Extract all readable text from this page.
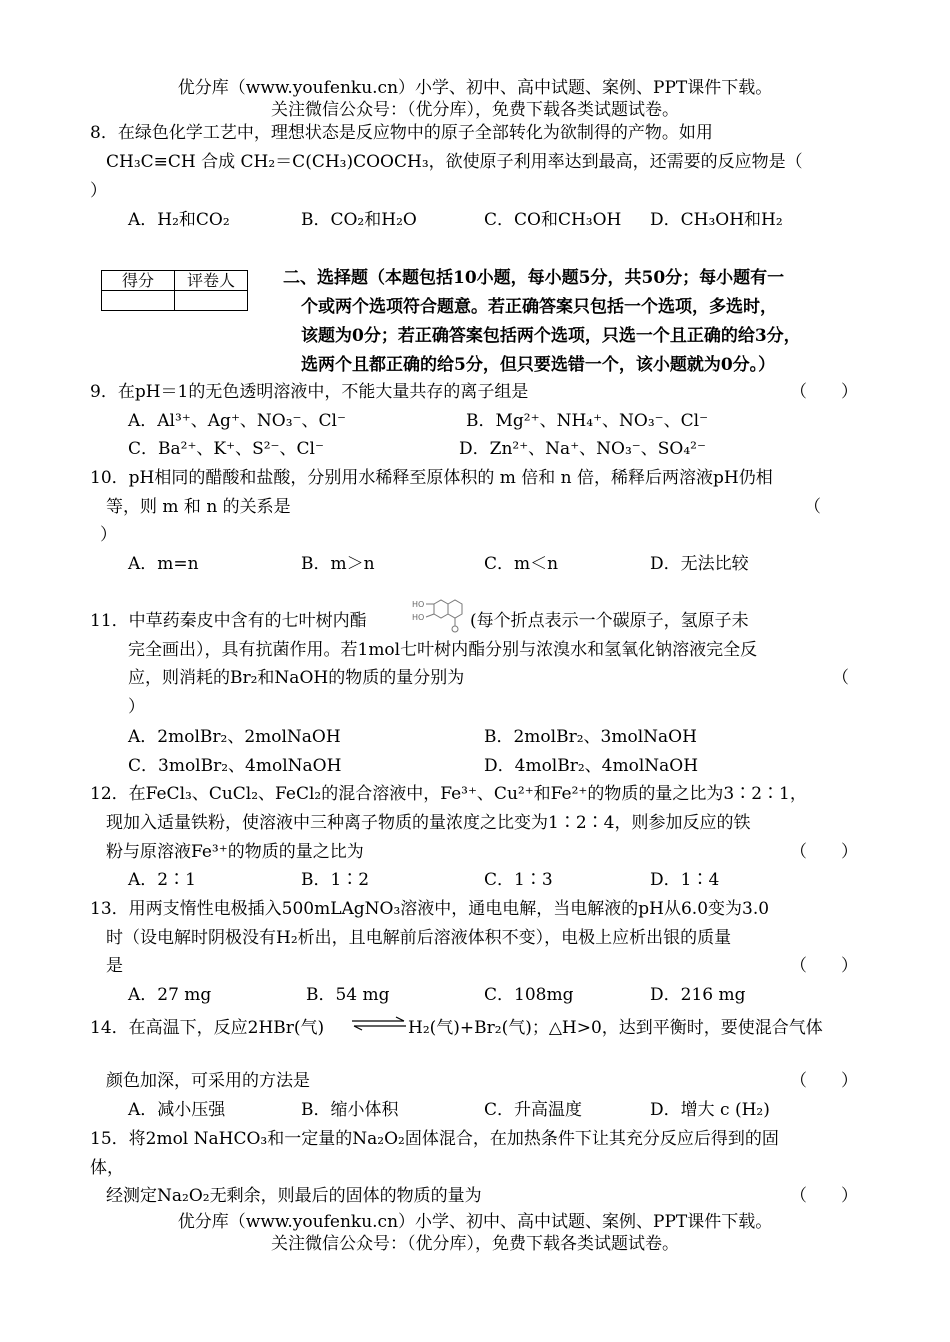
优分库（www.youfenku.cn）小学、初中、高中试题、案例、PPT课件下载。
关注微信公众号：（优分库），免费下载各类试题试卷。
8．在绿色化学工艺中，理想状态是反应物中的原子全部转化为欲制得的产物。如用
CH₃C≡CH 合成 CH₂＝C(CH₃)COOCH₃，欲使原子利用率达到最高，还需要的反应物是（
）
A．H₂和CO₂	B．CO₂和H₂O	C．CO和CH₃OH D．CH₃OH和H₂
得分	评卷人
		二、选择题（本题包括10小题，每小题5分，共50分；每小题有一
个或两个选项符合题意。若正确答案只包括一个选项，多选时，
该题为0分；若正确答案包括两个选项，只选一个且正确的给3分，
选两个且都正确的给5分，但只要选错一个，该小题就为0分。）
9．在pH＝1的无色透明溶液中，不能大量共存的离子组是	（　　）
A．Al³⁺、Ag⁺、NO₃⁻、Cl⁻	B．Mg²⁺、NH₄⁺、NO₃⁻、Cl⁻
C．Ba²⁺、K⁺、S²⁻、Cl⁻	D．Zn²⁺、Na⁺、NO₃⁻、SO₄²⁻
10．pH相同的醋酸和盐酸，分别用水稀释至原体积的 m 倍和 n 倍，稀释后两溶液pH仍相
等，则 m 和 n 的关系是	（
）
A．m=n	B．m＞n	C．m＜n	D．无法比较
11．中草药秦皮中含有的七叶树内酯
HO
HO	(每个折点表示一个碳原子，氢原子未
完全画出），具有抗菌作用。若1mol七叶树内酯分别与浓溴水和氢氧化钠溶液完全反
应，则消耗的Br₂和NaOH的物质的量分别为	（
）
A．2molBr₂、2molNaOH	B．2molBr₂、3molNaOH
C．3molBr₂、4molNaOH	D．4molBr₂、4molNaOH
12．在FeCl₃、CuCl₂、FeCl₂的混合溶液中，Fe³⁺、Cu²⁺和Fe²⁺的物质的量之比为3∶2∶1，
现加入适量铁粉，使溶液中三种离子物质的量浓度之比变为1∶2∶4，则参加反应的铁
粉与原溶液Fe³⁺的物质的量之比为	（　　）
A．2∶1	B．1∶2	C．1∶3	D．1∶4
13．用两支惰性电极插入500mLAgNO₃溶液中，通电电解，当电解液的pH从6.0变为3.0
时（设电解时阴极没有H₂析出，且电解前后溶液体积不变），电极上应析出银的质量
是	（　　）
A．27 mg	B．54 mg	C．108mg	D．216 mg
14．在高温下，反应2HBr(气) ⇌ H₂(气)+Br₂(气)；△H>0，达到平衡时，要使混合气体
颜色加深，可采用的方法是	（　　）
A．减小压强	B．缩小体积	C．升高温度	D．增大 c (H₂)
15．将2mol NaHCO₃和一定量的Na₂O₂固体混合，在加热条件下让其充分反应后得到的固
体，
经测定Na₂O₂无剩余，则最后的固体的物质的量为	（　　）
优分库（www.youfenku.cn）小学、初中、高中试题、案例、PPT课件下载。
关注微信公众号：（优分库），免费下载各类试题试卷。
